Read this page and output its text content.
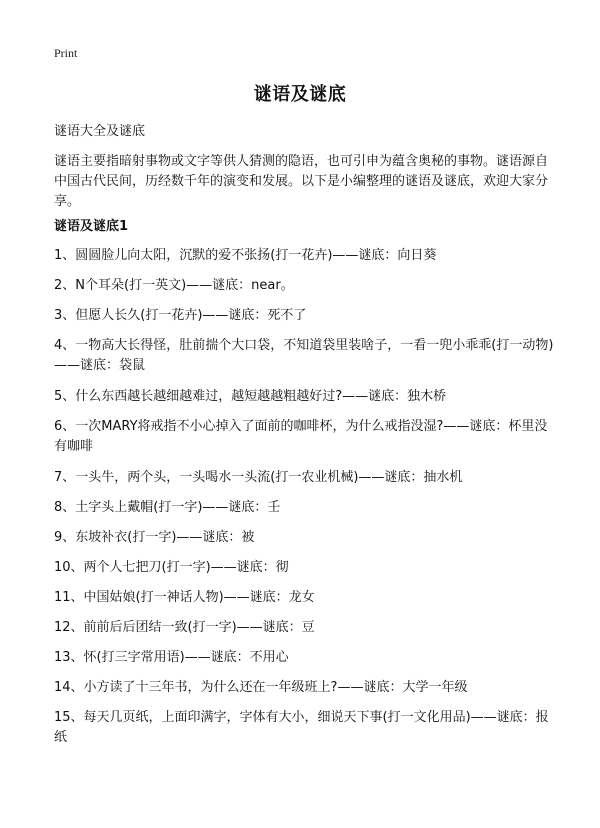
Print
谜语及谜底
谜语大全及谜底

谜语主要指暗射事物或文字等供人猜测的隐语，也可引申为蕴含奥秘的事物。谜语源自中国古代民间，历经数千年的演变和发展。以下是小编整理的谜语及谜底，欢迎大家分享。

谜语及谜底1
1、圆圆脸儿向太阳，沉默的爱不张扬(打一花卉)——谜底：向日葵
2、N个耳朵(打一英文)——谜底：near。
3、但愿人长久(打一花卉)——谜底：死不了
4、一物高大长得怪，肚前揣个大口袋，不知道袋里装啥子，一看一兜小乖乖(打一动物)——谜底：袋鼠
5、什么东西越长越细越难过，越短越越粗越好过?——谜底：独木桥
6、一次MARY将戒指不小心掉入了面前的咖啡杯，为什么戒指没湿?——谜底：杯里没有咖啡
7、一头牛，两个头，一头喝水一头流(打一农业机械)——谜底：抽水机
8、土字头上戴帽(打一字)——谜底：壬
9、东坡补衣(打一字)——谜底：被
10、两个人七把刀(打一字)——谜底：彻
11、中国姑娘(打一神话人物)——谜底：龙女
12、前前后后团结一致(打一字)——谜底：豆
13、怀(打三字常用语)——谜底：不用心
14、小方读了十三年书，为什么还在一年级班上?——谜底：大学一年级
15、每天几页纸，上面印满字，字体有大小，细说天下事(打一文化用品)——谜底：报纸
